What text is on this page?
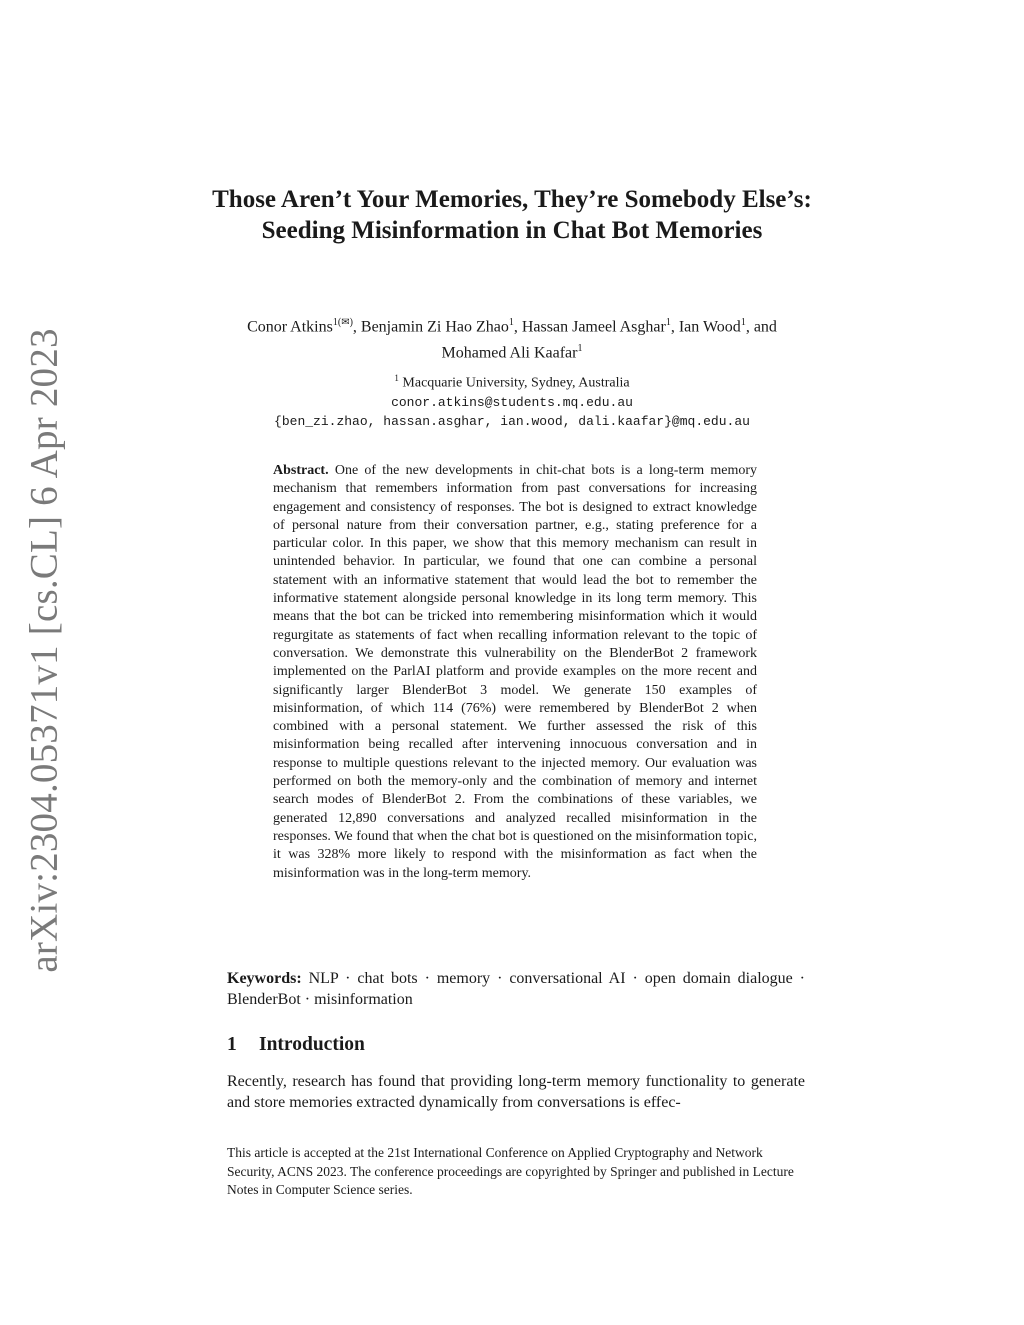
arXiv:2304.05371v1 [cs.CL] 6 Apr 2023
Those Aren’t Your Memories, They’re Somebody Else’s: Seeding Misinformation in Chat Bot Memories
Conor Atkins$^{1(✉)}$, Benjamin Zi Hao Zhao$^1$, Hassan Jameel Asghar$^1$, Ian Wood$^1$, and Mohamed Ali Kaafar$^1$
$^1$ Macquarie University, Sydney, Australia
conor.atkins@students.mq.edu.au
{ben_zi.zhao, hassan.asghar, ian.wood, dali.kaafar}@mq.edu.au

Abstract. One of the new developments in chit-chat bots is a long-term memory mechanism that remembers information from past conversations for increasing engagement and consistency of responses. The bot is designed to extract knowledge of personal nature from their conversation partner, e.g., stating preference for a particular color. In this paper, we show that this memory mechanism can result in unintended behavior. In particular, we found that one can combine a personal statement with an informative statement that would lead the bot to remember the informative statement alongside personal knowledge in its long term memory. This means that the bot can be tricked into remembering misinformation which it would regurgitate as statements of fact when recalling information relevant to the topic of conversation. We demonstrate this vulnerability on the BlenderBot 2 framework implemented on the ParlAI platform and provide examples on the more recent and significantly larger BlenderBot 3 model. We generate 150 examples of misinformation, of which 114 (76%) were remembered by BlenderBot 2 when combined with a personal statement. We further assessed the risk of this misinformation being recalled after intervening innocuous conversation and in response to multiple questions relevant to the injected memory. Our evaluation was performed on both the memory-only and the combination of memory and internet search modes of BlenderBot 2. From the combinations of these variables, we generated 12,890 conversations and analyzed recalled misinformation in the responses. We found that when the chat bot is questioned on the misinformation topic, it was 328% more likely to respond with the misinformation as fact when the misinformation was in the long-term memory.

Keywords: NLP · chat bots · memory · conversational AI · open domain dialogue · BlenderBot · misinformation

1 Introduction

Recently, research has found that providing long-term memory functionality to generate and store memories extracted dynamically from conversations is effec-

This article is accepted at the 21st International Conference on Applied Cryptography and Network Security, ACNS 2023. The conference proceedings are copyrighted by Springer and published in Lecture Notes in Computer Science series.
